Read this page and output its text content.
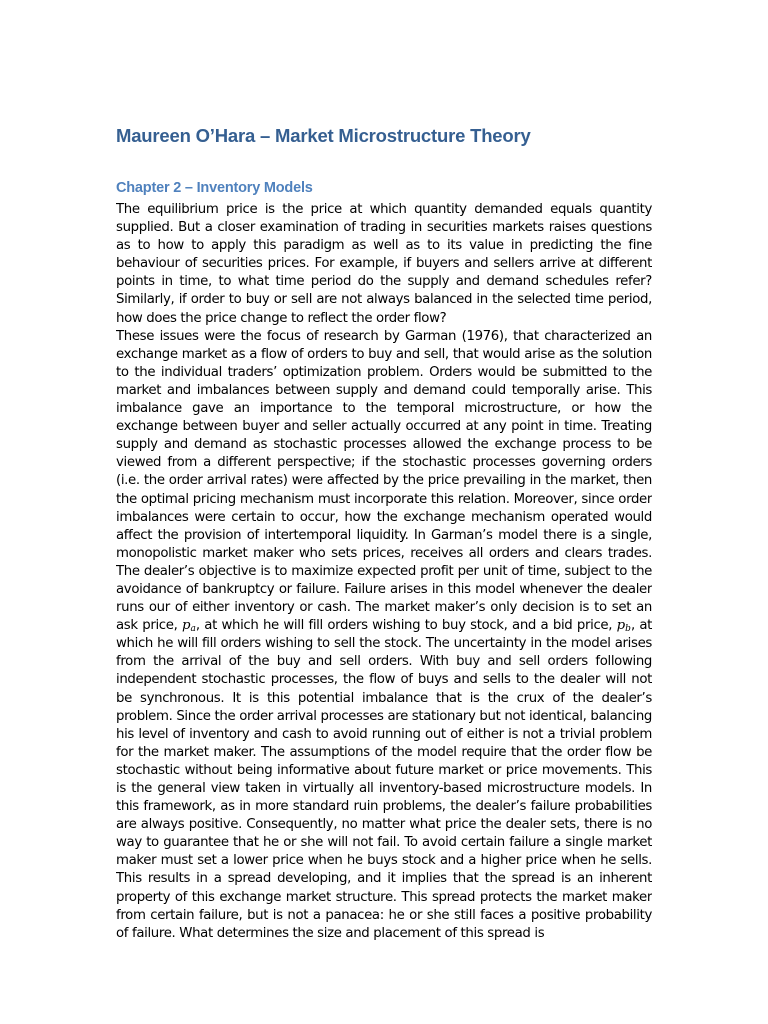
Maureen O’Hara – Market Microstructure Theory
Chapter 2 – Inventory Models

The equilibrium price is the price at which quantity demanded equals quantity supplied. But a closer examination of trading in securities markets raises questions as to how to apply this paradigm as well as to its value in predicting the fine behaviour of securities prices. For example, if buyers and sellers arrive at different points in time, to what time period do the supply and demand schedules refer? Similarly, if order to buy or sell are not always balanced in the selected time period, how does the price change to reflect the order flow?

These issues were the focus of research by Garman (1976), that characterized an exchange market as a flow of orders to buy and sell, that would arise as the solution to the individual traders’ optimization problem. Orders would be submitted to the market and imbalances between supply and demand could temporally arise. This imbalance gave an importance to the temporal microstructure, or how the exchange between buyer and seller actually occurred at any point in time. Treating supply and demand as stochastic processes allowed the exchange process to be viewed from a different perspective; if the stochastic processes governing orders (i.e. the order arrival rates) were affected by the price prevailing in the market, then the optimal pricing mechanism must incorporate this relation. Moreover, since order imbalances were certain to occur, how the exchange mechanism operated would affect the provision of intertemporal liquidity. In Garman’s model there is a single, monopolistic market maker who sets prices, receives all orders and clears trades. The dealer’s objective is to maximize expected profit per unit of time, subject to the avoidance of bankruptcy or failure. Failure arises in this model whenever the dealer runs our of either inventory or cash. The market maker’s only decision is to set an ask price, $p_a$, at which he will fill orders wishing to buy stock, and a bid price, $p_b$, at which he will fill orders wishing to sell the stock. The uncertainty in the model arises from the arrival of the buy and sell orders. With buy and sell orders following independent stochastic processes, the flow of buys and sells to the dealer will not be synchronous. It is this potential imbalance that is the crux of the dealer’s problem. Since the order arrival processes are stationary but not identical, balancing his level of inventory and cash to avoid running out of either is not a trivial problem for the market maker. The assumptions of the model require that the order flow be stochastic without being informative about future market or price movements. This is the general view taken in virtually all inventory-based microstructure models. In this framework, as in more standard ruin problems, the dealer’s failure probabilities are always positive. Consequently, no matter what price the dealer sets, there is no way to guarantee that he or she will not fail. To avoid certain failure a single market maker must set a lower price when he buys stock and a higher price when he sells. This results in a spread developing, and it implies that the spread is an inherent property of this exchange market structure. This spread protects the market maker from certain failure, but is not a panacea: he or she still faces a positive probability of failure. What determines the size and placement of this spread is
